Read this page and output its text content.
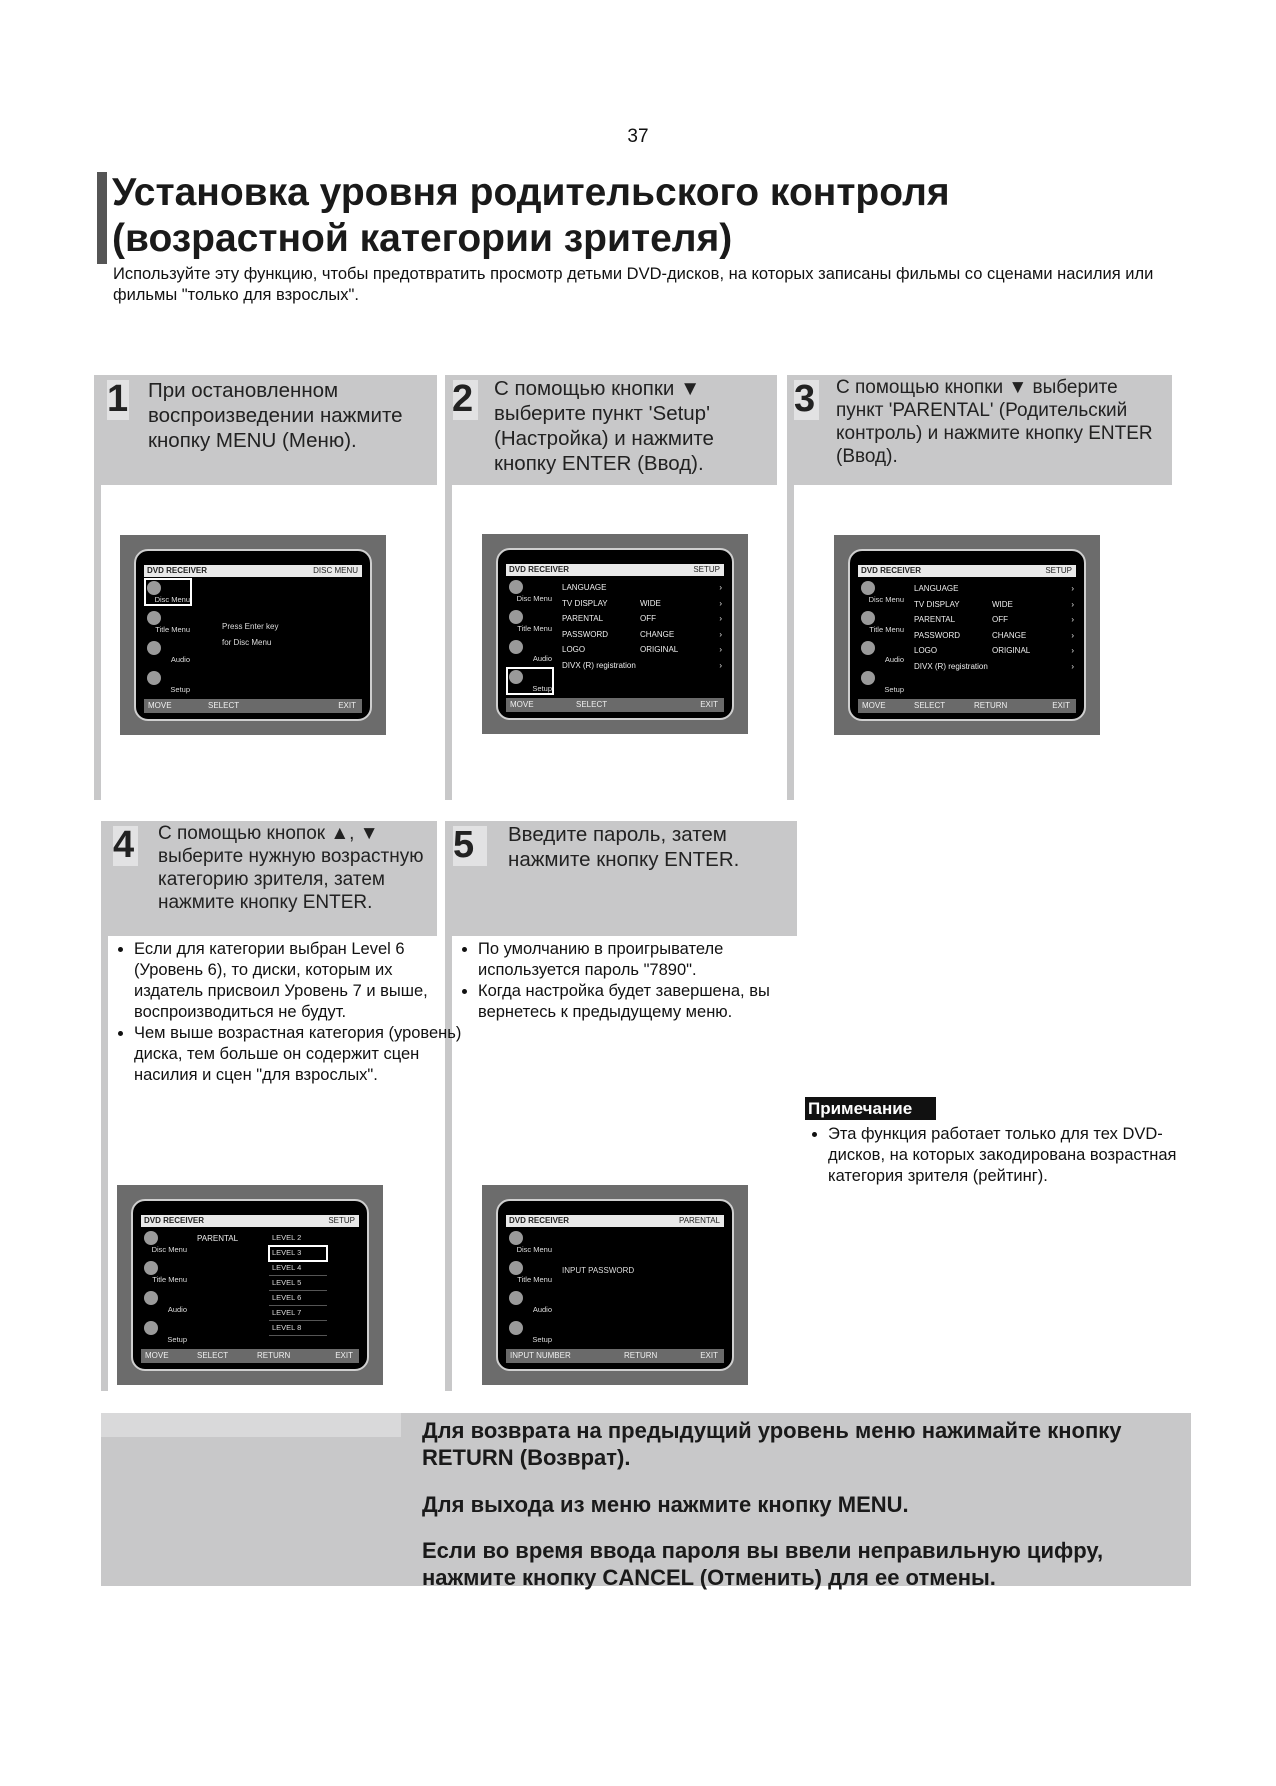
37
Установка уровня родительского контроля
(возрастной категории зрителя)
Используйте эту функцию, чтобы предотвратить просмотр детьми DVD-дисков, на которых записаны фильмы со сценами насилия или фильмы "только для взрослых".
1 При остановленном воспроизведении нажмите кнопку MENU (Меню).
2 С помощью кнопки ▼ выберите пункт 'Setup' (Настройка) и нажмите кнопку ENTER (Ввод).
3 С помощью кнопки ▼ выберите пункт 'PARENTAL' (Родительский контроль) и нажмите кнопку ENTER (Ввод).
4 С помощью кнопок ▲, ▼ выберите нужную возрастную категорию зрителя, затем нажмите кнопку ENTER.
5 Введите пароль, затем нажмите кнопку ENTER.
• Если для категории выбран Level 6 (Уровень 6), то диски, которым их издатель присвоил Уровень 7 и выше, воспроизводиться не будут.
• Чем выше возрастная категория (уровень) диска, тем больше он содержит сцен насилия и сцен "для взрослых".
• По умолчанию в проигрывателе используется пароль "7890".
• Когда настройка будет завершена, вы вернетесь к предыдущему меню.
Примечание
• Эта функция работает только для тех DVD-дисков, на которых закодирована возрастная категория зрителя (рейтинг).
DVD RECEIVER	DISC MENU
Disc Menu
Title Menu
Audio
Setup
Press Enter key
for Disc Menu
MOVE	SELECT	EXIT
DVD RECEIVER	SETUP
Disc Menu
Title Menu
Audio
Setup
LANGUAGE	›
TV DISPLAY	WIDE	›
PARENTAL	OFF	›
PASSWORD	CHANGE	›
LOGO	ORIGINAL	›
DIVX (R) registration	›
MOVE	SELECT	EXIT
DVD RECEIVER	SETUP
Disc Menu
Title Menu
Audio
Setup
LANGUAGE	›
TV DISPLAY	WIDE	›
PARENTAL	OFF	›
PASSWORD	CHANGE	›
LOGO	ORIGINAL	›
DIVX (R) registration	›
MOVE	SELECT	RETURN	EXIT
DVD RECEIVER	SETUP
Disc Menu
Title Menu
Audio
Setup
PARENTAL	LEVEL 2
LEVEL 3
LEVEL 4
LEVEL 5
LEVEL 6
LEVEL 7
LEVEL 8
MOVE	SELECT	RETURN	EXIT
DVD RECEIVER	PARENTAL
Disc Menu
Title Menu
Audio
Setup
INPUT PASSWORD
INPUT NUMBER	RETURN	EXIT
Для возврата на предыдущий уровень меню нажимайте кнопку RETURN (Возврат).
Для выхода из меню нажмите кнопку MENU.
Если во время ввода пароля вы ввели неправильную цифру, нажмите кнопку CANCEL (Отменить) для ее отмены.
